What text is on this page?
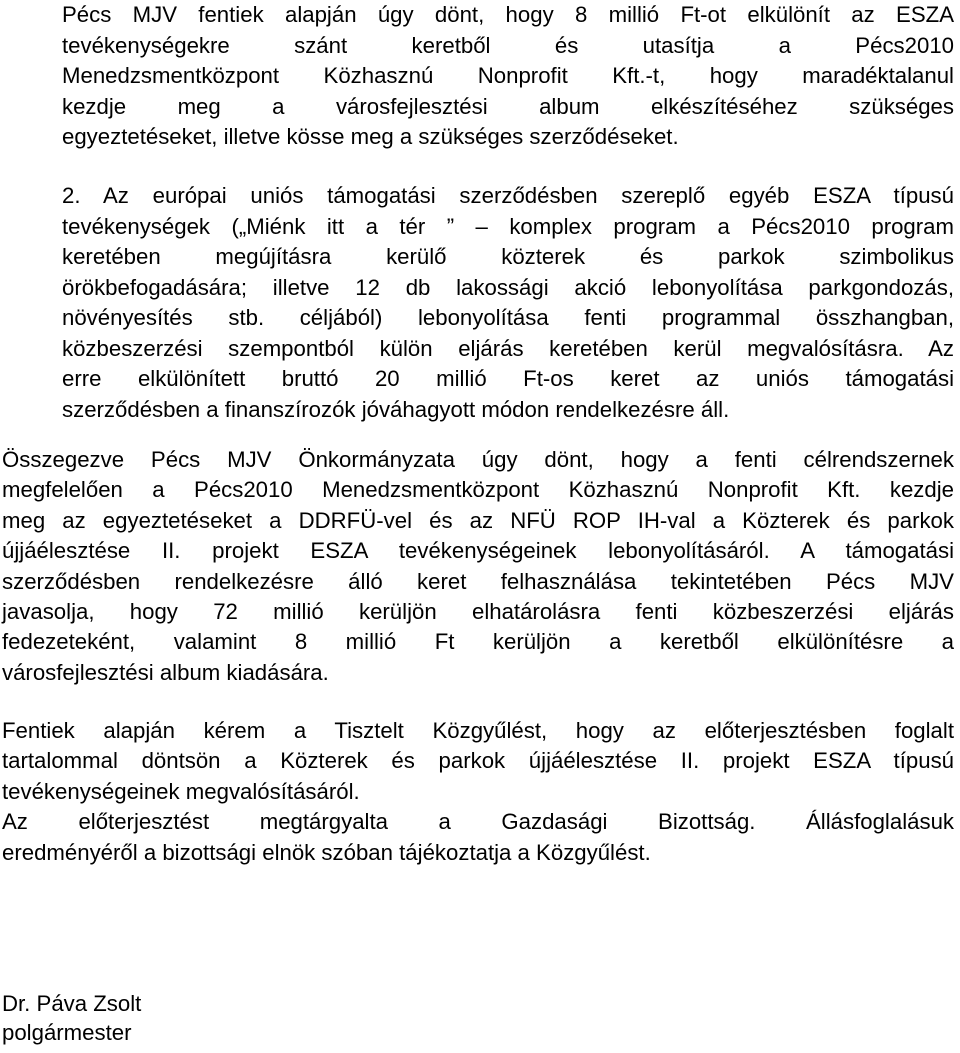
Pécs MJV fentiek alapján úgy dönt, hogy 8 millió Ft-ot elkülönít az ESZA
tevékenységekre szánt keretből és utasítja a Pécs2010
Menedzsmentközpont Közhasznú Nonprofit Kft.-t, hogy maradéktalanul
kezdje meg a városfejlesztési album elkészítéséhez szükséges
egyeztetéseket, illetve kösse meg a szükséges szerződéseket.
2. Az európai uniós támogatási szerződésben szereplő egyéb ESZA típusú
tevékenységek („Miénk itt a tér ” – komplex program a Pécs2010 program
keretében megújításra kerülő közterek és parkok szimbolikus
örökbefogadására; illetve 12 db lakossági akció lebonyolítása parkgondozás,
növényesítés stb. céljából) lebonyolítása fenti programmal összhangban,
közbeszerzési szempontból külön eljárás keretében kerül megvalósításra. Az
erre elkülönített bruttó 20 millió Ft-os keret az uniós támogatási
szerződésben a finanszírozók jóváhagyott módon rendelkezésre áll.
Összegezve Pécs MJV Önkormányzata úgy dönt, hogy a fenti célrendszernek
megfelelően a Pécs2010 Menedzsmentközpont Közhasznú Nonprofit Kft. kezdje
meg az egyeztetéseket a DDRFÜ-vel és az NFÜ ROP IH-val a Közterek és parkok
újjáélesztése II. projekt ESZA tevékenységeinek lebonyolításáról. A támogatási
szerződésben rendelkezésre álló keret felhasználása tekintetében Pécs MJV
javasolja, hogy 72 millió kerüljön elhatárolásra fenti közbeszerzési eljárás
fedezeteként, valamint 8 millió Ft kerüljön a keretből elkülönítésre a
városfejlesztési album kiadására.
Fentiek alapján kérem a Tisztelt Közgyűlést, hogy az előterjesztésben foglalt
tartalommal döntsön a Közterek és parkok újjáélesztése II. projekt ESZA típusú
tevékenységeinek megvalósításáról.
Az előterjesztést megtárgyalta a Gazdasági Bizottság. Állásfoglalásuk
eredményéről a bizottsági elnök szóban tájékoztatja a Közgyűlést.
Dr. Páva Zsolt
polgármester
